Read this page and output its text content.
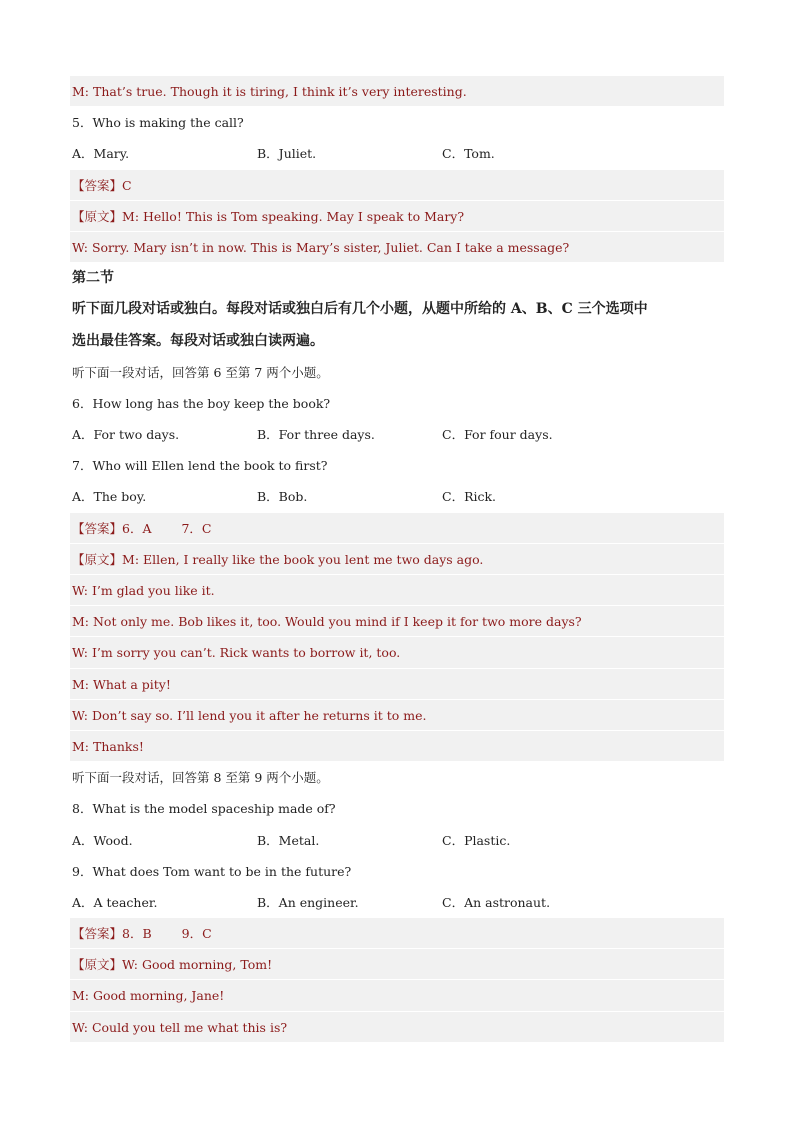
M: That’s true. Though it is tiring, I think it’s very interesting.
5．Who is making the call?
A．Mary.	B．Juliet.	C．Tom.
【答案】C
【原文】M: Hello! This is Tom speaking. May I speak to Mary?
W: Sorry. Mary isn’t in now. This is Mary’s sister, Juliet. Can I take a message?
第二节
听下面几段对话或独白。每段对话或独白后有几个小题，从题中所给的 A、B、C 三个选项中
选出最佳答案。每段对话或独白读两遍。
听下面一段对话，回答第 6 至第 7 两个小题。
6．How long has the boy keep the book?
A．For two days.	B．For three days.	C．For four days.
7．Who will Ellen lend the book to first?
A．The boy.	B．Bob.	C．Rick.
【答案】6．A 7．C
【原文】M: Ellen, I really like the book you lent me two days ago.
W: I’m glad you like it.
M: Not only me. Bob likes it, too. Would you mind if I keep it for two more days?
W: I’m sorry you can’t. Rick wants to borrow it, too.
M: What a pity!
W: Don’t say so. I’ll lend you it after he returns it to me.
M: Thanks!
听下面一段对话，回答第 8 至第 9 两个小题。
8．What is the model spaceship made of?
A．Wood.	B．Metal.	C．Plastic.
9．What does Tom want to be in the future?
A．A teacher.	B．An engineer.	C．An astronaut.
【答案】8．B 9．C
【原文】W: Good morning, Tom!
M: Good morning, Jane!
W: Could you tell me what this is?
